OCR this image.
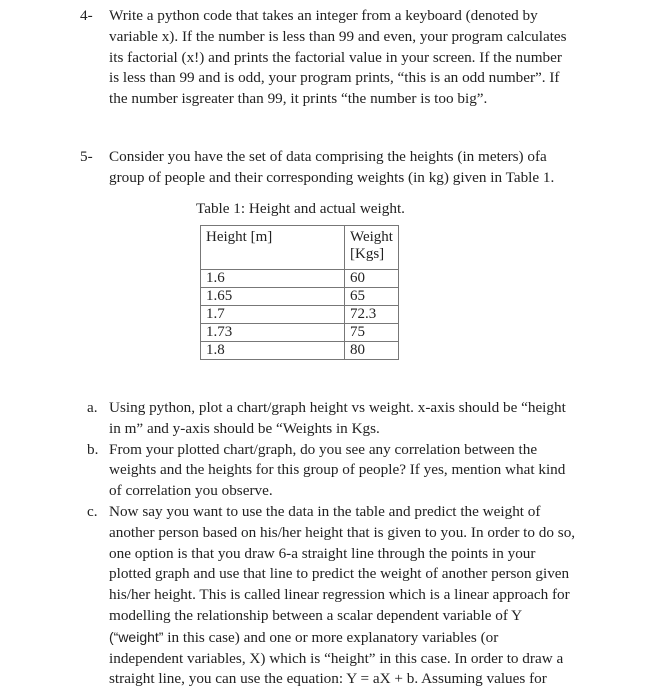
4- Write a python code that takes an integer from a keyboard (denoted by
variable x). If the number is less than 99 and even, your program calculates
its factorial (x!) and prints the factorial value in your screen. If the number
is less than 99 and is odd, your program prints, “this is an odd number”. If
the number isgreater than 99, it prints “the number is too big”.
5- Consider you have the set of data comprising the heights (in meters) ofa
group of people and their corresponding weights (in kg) given in Table 1.
Table 1: Height and actual weight.
Height [m]	Weight
[Kgs]

1.6	60
1.65	65
1.7	72.3
1.73	75
1.8	80
a. Using python, plot a chart/graph height vs weight. x-axis should be “height
in m” and y-axis should be “Weights in Kgs.
b. From your plotted chart/graph, do you see any correlation between the
weights and the heights for this group of people? If yes, mention what kind
of correlation you observe.
c. Now say you want to use the data in the table and predict the weight of
another person based on his/her height that is given to you. In order to do so,
one option is that you draw 6-a straight line through the points in your
plotted graph and use that line to predict the weight of another person given
his/her height. This is called linear regression which is a linear approach for
modelling the relationship between a scalar dependent variable of Y
(“weight” in this case) and one or more explanatory variables (or
independent variables, X) which is “height” in this case. In order to draw a
straight line, you can use the equation: Y = aX + b. Assuming values for
